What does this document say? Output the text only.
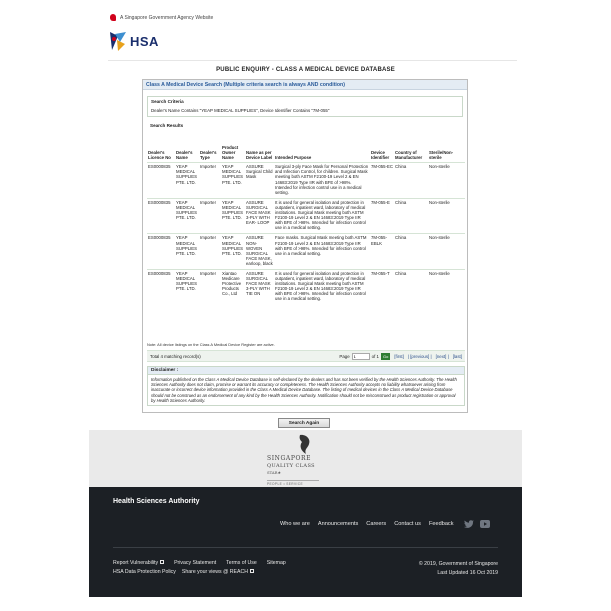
A Singapore Government Agency Website
HSA
PUBLIC ENQUIRY - CLASS A MEDICAL DEVICE DATABASE
Class A Medical Device Search (Multiple criteria search is always AND condition)
Search Criteria
Dealer's Name Contains "YEAP MEDICAL SUPPLIES", Device Identifier Contains "7M-055"
Search Results
Dealer's Licence No	Dealer's Name	Dealer's Type	Product Owner Name	Name as per Device Label	Intended Purpose	Device Identifier	Country of Manufacturer	Sterile/Non-sterile
ES0000835	YEAP MEDICAL SUPPLIES PTE. LTD.	Importer	YEAP MEDICAL SUPPLIES PTE. LTD.	ASSURE Surgical Child Mask	Surgical 3-ply Face Mask for Personal Protection and Infection Control, for children. Surgical Mask meeting both ASTM F2100-19 Level 2 & EN 14683:2019 Type IIR with BFE of >98%. Intended for infection control use in a medical setting.	7M-055-EC	China	Non-sterile
ES0000835	YEAP MEDICAL SUPPLIES PTE. LTD.	Importer	YEAP MEDICAL SUPPLIES PTE. LTD.	ASSURE SURGICAL FACE MASK 3-PLY WITH EAR- LOOP	It is used for general isolation and protection in outpatient, inpatient ward, laboratory of medical institutions. Surgical Mask meeting both ASTM F2100-19 Level 2 & EN 14683:2019 Type IIR with BFE of >98%. Intended for infection control use in a medical setting.	7M-055-E	China	Non-sterile
ES0000835	YEAP MEDICAL SUPPLIES PTE. LTD.	Importer	YEAP MEDICAL SUPPLIES PTE. LTD.	ASSURE NON-WOVEN SURGICAL FACE MASK, earloop, black	Face masks. Surgical Mask meeting both ASTM F2100-19 Level 2 & EN 14683:2019 Type IIR with BFE of >98%. Intended for infection control use in a medical setting.	7M-055-EBLK	China	Non-sterile
ES0000835	YEAP MEDICAL SUPPLIES PTE. LTD.	Importer	Xiantao Medicare Protective Products Co., Ltd	ASSURE SURGICAL FACE MASK 3-PLY WITH TIE ON	It is used for general isolation and protection in outpatient, inpatient ward, laboratory of medical institutions. Surgical Mask meeting both ASTM F2100-19 Level 2 & EN 14683:2019 Type IIR with BFE of >98%. Intended for infection control use in a medical setting.	7M-055-T	China	Non-sterile
Note: All device listings on the Class A Medical Device Register are active.
Total 4 matching record(s)	Page
1	of 1	Go	[first] | [previous] | [next] | [last]
Disclaimer :
Information published on the Class A Medical Device Database is self-declared by the dealers and has not been verified by the Health Sciences Authority. The Health Sciences Authority does not claim, promise or warrant its accuracy or completeness. The Health Sciences Authority accepts no liability whatsoever arising from inaccurate or incorrect device information provided in the Class A Medical Device Database. The listing of medical devices in the Class A Medical Device Database should not be construed as an endorsement of any kind by the Health Sciences Authority. Notification should not be misconstrued as product registration or approval by Health Sciences Authority.
Search Again
SINGAPORE
QUALITY CLASS
STAR★
PEOPLE • SERVICE
Health Sciences Authority
Who we are Announcements Careers Contact us Feedback
Report Vulnerability	Privacy Statement Terms of Use Sitemap
HSA Data Protection Policy Share your views @ REACH
© 2019, Government of Singapore
Last Updated 16 Oct 2019
